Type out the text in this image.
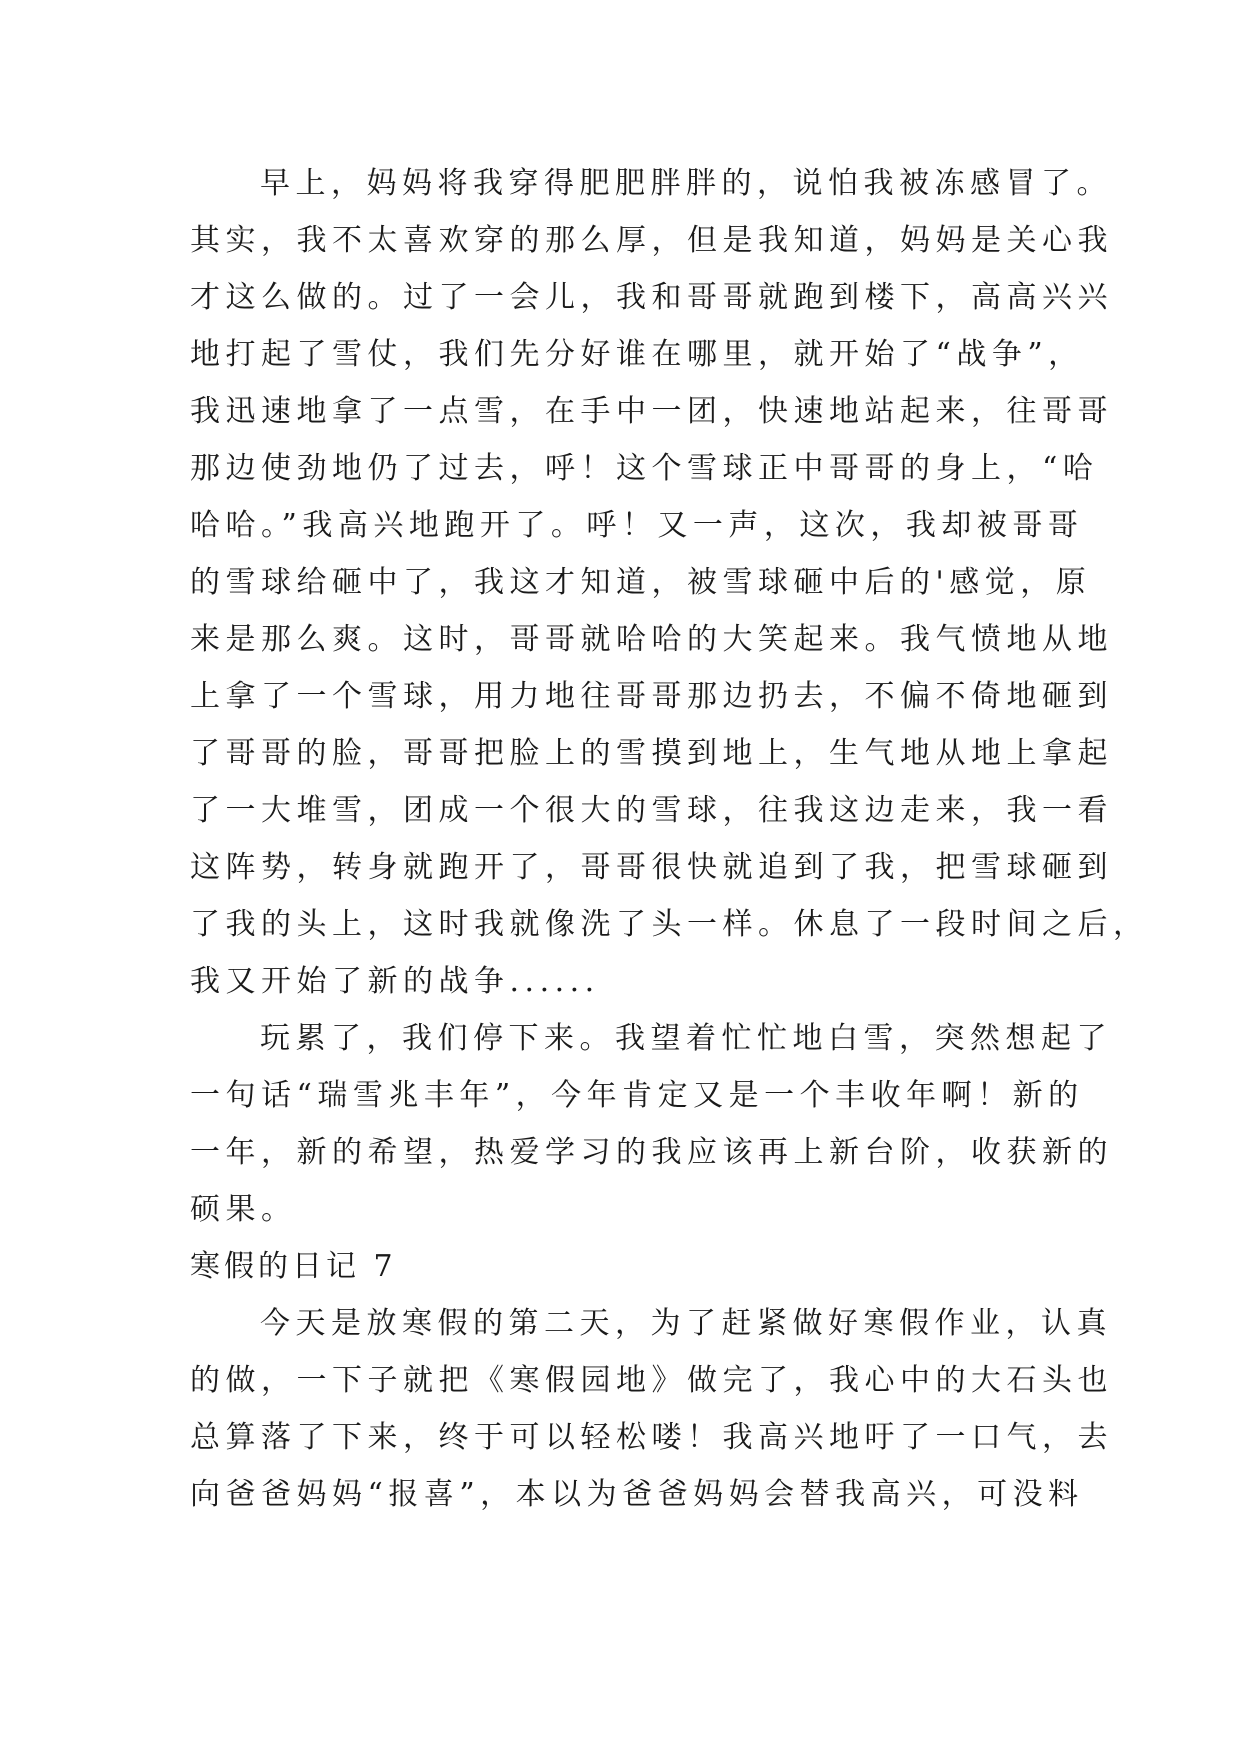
早上，妈妈将我穿得肥肥胖胖的，说怕我被冻感冒了。
其实，我不太喜欢穿的那么厚，但是我知道，妈妈是关心我
才这么做的。过了一会儿，我和哥哥就跑到楼下，高高兴兴
地打起了雪仗，我们先分好谁在哪里，就开始了“战争”，
我迅速地拿了一点雪，在手中一团，快速地站起来，往哥哥
那边使劲地仍了过去，呼！这个雪球正中哥哥的身上，“哈
哈哈。”我高兴地跑开了。呼！又一声，这次，我却被哥哥
的雪球给砸中了，我这才知道，被雪球砸中后的'感觉，原
来是那么爽。这时，哥哥就哈哈的大笑起来。我气愤地从地
上拿了一个雪球，用力地往哥哥那边扔去，不偏不倚地砸到
了哥哥的脸，哥哥把脸上的雪摸到地上，生气地从地上拿起
了一大堆雪，团成一个很大的雪球，往我这边走来，我一看
这阵势，转身就跑开了，哥哥很快就追到了我，把雪球砸到
了我的头上，这时我就像洗了头一样。休息了一段时间之后，
我又开始了新的战争......
玩累了，我们停下来。我望着忙忙地白雪，突然想起了
一句话“瑞雪兆丰年”，今年肯定又是一个丰收年啊！新的
一年，新的希望，热爱学习的我应该再上新台阶，收获新的
硕果。
寒假的日记 7
今天是放寒假的第二天，为了赶紧做好寒假作业，认真
的做，一下子就把《寒假园地》做完了，我心中的大石头也
总算落了下来，终于可以轻松喽！我高兴地吁了一口气，去
向爸爸妈妈“报喜”，本以为爸爸妈妈会替我高兴，可没料
